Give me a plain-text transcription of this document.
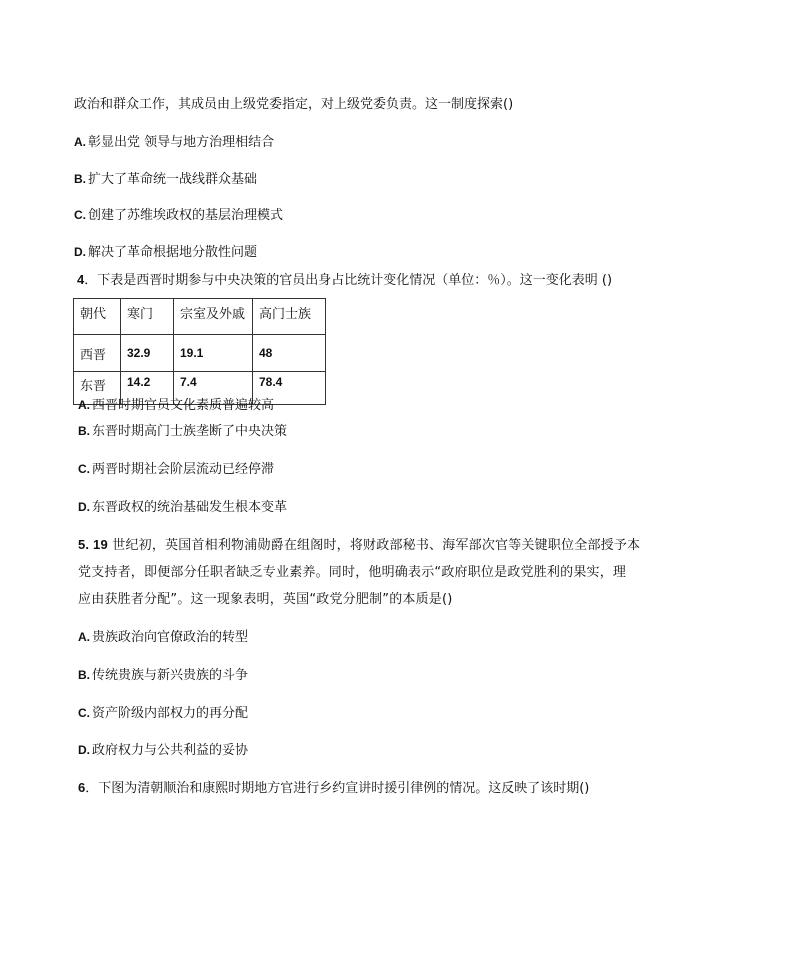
政治和群众工作，其成员由上级党委指定，对上级党委负责。这一制度探索()
A. 彰显出党 领导与地方治理相结合
B. 扩大了革命统一战线群众基础
C. 创建了苏维埃政权的基层治理模式
D. 解决了革命根据地分散性问题
4．下表是西晋时期参与中央决策的官员出身占比统计变化情况（单位：％）。这一变化表明 ()
朝代	寒门	宗室及外戚	高门士族
西晋	32.9	19.1	48
东晋	14.2	7.4	78.4
A. 西晋时期官员文化素质普遍较高
B. 东晋时期高门士族垄断了中央决策
C. 两晋时期社会阶层流动已经停滞
D. 东晋政权的统治基础发生根本变革
5. 19 世纪初，英国首相利物浦勋爵在组阁时，将财政部秘书、海军部次官等关键职位全部授予本
党支持者，即便部分任职者缺乏专业素养。同时，他明确表示“政府职位是政党胜利的果实，理
应由获胜者分配”。这一现象表明，英国“政党分肥制”的本质是()
A. 贵族政治向官僚政治的转型
B. 传统贵族与新兴贵族的斗争
C. 资产阶级内部权力的再分配
D. 政府权力与公共利益的妥协
6．下图为清朝顺治和康熙时期地方官进行乡约宣讲时援引律例的情况。这反映了该时期()
